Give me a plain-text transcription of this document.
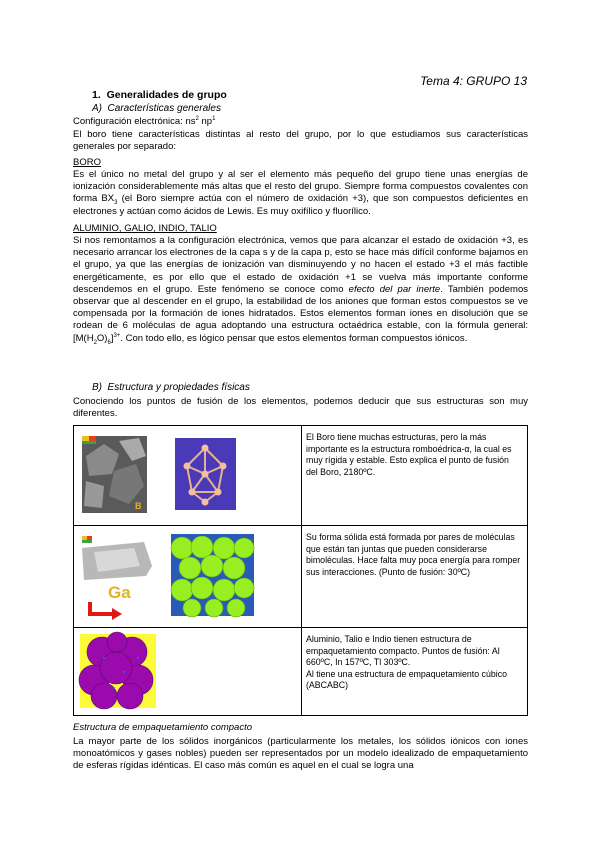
Tema 4: GRUPO 13
1.  Generalidades de grupo
A)  Características generales
Configuración electrónica: $ns^2$ $np^1$
El boro tiene características distintas al resto del grupo, por lo que estudiamos sus características generales por separado:
BORO
Es el único no metal del grupo y al ser el elemento más pequeño del grupo tiene unas energías de ionización considerablemente más altas que el resto del grupo. Siempre forma compuestos covalentes con forma $BX_3$ (el Boro siempre actúa con el número de oxidación +3), que son compuestos deficientes en electrones y actúan como ácidos de Lewis. Es muy oxifílico y fluorílico.
ALUMINIO, GALIO, INDIO, TALIO
Si nos remontamos a la configuración electrónica, vemos que para alcanzar el estado de oxidación +3, es necesario arrancar los electrones de la capa s y de la capa p, esto se hace más difícil conforme bajamos en el grupo, ya que las energías de ionización van disminuyendo y no hacen el estado +3 el más factible energéticamente, es por ello que el estado de oxidación +1 se vuelva más importante conforme descendemos en el grupo. Este fenómeno se conoce como efecto del par inerte. También podemos observar que al descender en el grupo, la estabilidad de los aniones que forman estos compuestos se ve compensada por la formación de iones hidratados. Estos elementos forman iones en disolución que se rodean de 6 moléculas de agua adoptando una estructura octaédrica estable, con la fórmula general: $[M(H_2O)_6]^{3+}$. Con todo ello, es lógico pensar que estos elementos forman compuestos iónicos.
B)  Estructura y propiedades físicas
Conociendo los puntos de fusión de los elementos, podemos deducir que sus estructuras son muy diferentes.
B	El Boro tiene muchas estructuras, pero la más importante es la estructura romboédrica-α, la cual es muy rígida y estable. Esto explica el punto de fusión del Boro, 2180ºC.

Ga	Su forma sólida está formada por pares de moléculas que están tan juntas que pueden considerarse bimoléculas. Hace falta muy poca energía para romper sus interacciones. (Punto de fusión: 30ºC)
	Aluminio, Talio e Indio tienen estructura de empaquetamiento compacto. Puntos de fusión: Al 660ºC, In 157ºC, Tl 303ºC.
Al tiene una estructura de empaquetamiento cúbico (ABCABC)
Estructura de empaquetamiento compacto
La mayor parte de los sólidos inorgánicos (particularmente los metales, los sólidos iónicos con iones monoatómicos y gases nobles) pueden ser representados por un modelo idealizado de empaquetamiento de esferas rígidas idénticas. El caso más común es aquel en el cual se logra una
